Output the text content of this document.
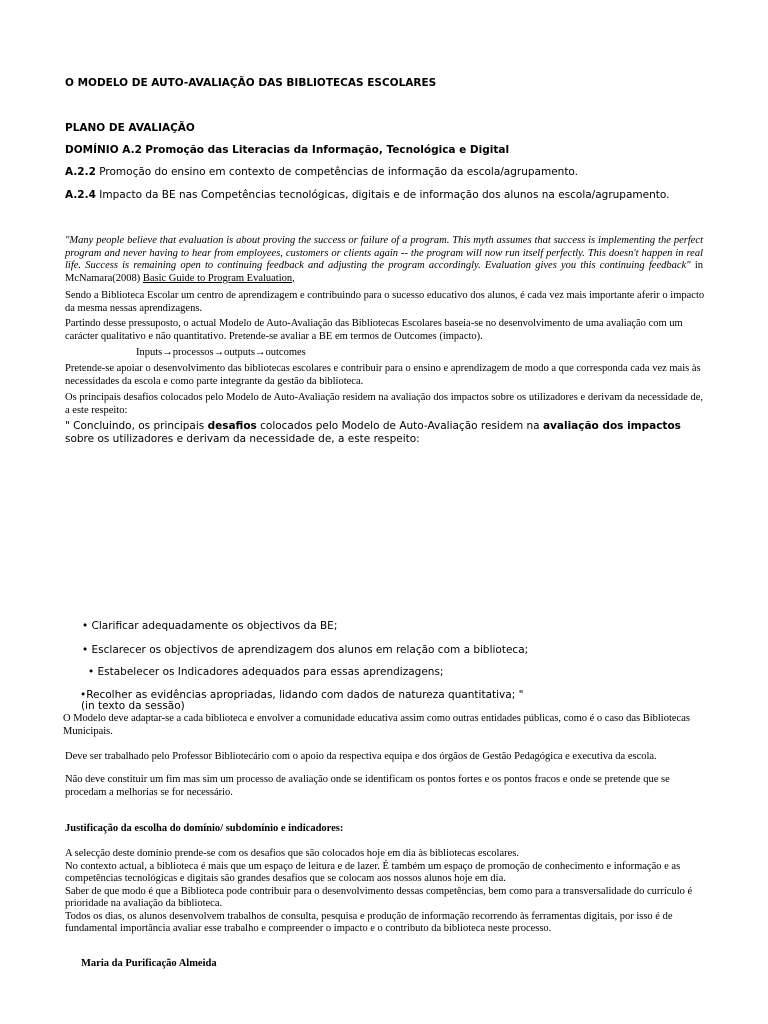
O MODELO DE AUTO-AVALIAÇÃO DAS BIBLIOTECAS ESCOLARES
PLANO DE AVALIAÇÃO
DOMÍNIO A.2 Promoção das Literacias da Informação, Tecnológica e Digital
A.2.2 Promoção do ensino em contexto de competências de informação da escola/agrupamento.
A.2.4 Impacto da BE nas Competências tecnológicas, digitais e de informação dos alunos na escola/agrupamento.
"Many people believe that evaluation is about proving the success or failure of a program. This myth assumes that success is implementing the perfect program and never having to hear from employees, customers or clients again -- the program will now run itself perfectly. This doesn't happen in real life. Success is remaining open to continuing feedback and adjusting the program accordingly. Evaluation gives you this continuing feedback" in McNamara(2008) Basic Guide to Program Evaluation,

Sendo a Biblioteca Escolar um centro de aprendizagem e contribuindo para o sucesso educativo dos alunos, é cada vez mais importante aferir o impacto da mesma nessas aprendizagens.

Partindo desse pressuposto, o actual Modelo de Auto-Avaliação das Bibliotecas Escolares baseia-se no desenvolvimento de uma avaliação com um carácter qualitativo e não quantitativo. Pretende-se avaliar a BE em termos de Outcomes (impacto).

Inputs→processos→outputs→outcomes

Pretende-se apoiar o desenvolvimento das bibliotecas escolares e contribuir para o ensino e aprendizagem de modo a que corresponda cada vez mais às necessidades da escola e como parte integrante da gestão da biblioteca.

Os principais desafios colocados pelo Modelo de Auto-Avaliação residem na avaliação dos impactos sobre os utilizadores e derivam da necessidade de, a este respeito:

" Concluindo, os principais desafios colocados pelo Modelo de Auto-Avaliação residem na avaliação dos impactos sobre os utilizadores e derivam da necessidade de, a este respeito:
• Clarificar adequadamente os objectivos da BE;
• Esclarecer os objectivos de aprendizagem dos alunos em relação com a biblioteca;
• Estabelecer os Indicadores adequados para essas aprendizagens;
•Recolher as evidências apropriadas, lidando com dados de natureza quantitativa; "
(in texto da sessão)

O Modelo deve adaptar-se a cada biblioteca e envolver a comunidade educativa assim como outras entidades públicas, como é o caso das Bibliotecas Municipais.

Deve ser trabalhado pelo Professor Bibliotecário com o apoio da respectiva equipa e dos órgãos de Gestão Pedagógica e executiva da escola.

Não deve constituir um fim mas sim um processo de avaliação onde se identificam os pontos fortes e os pontos fracos e onde se pretende que se procedam a melhorias se for necessário.

Justificação da escolha do domínio/ subdomínio e indicadores:

A selecção deste domínio prende-se com os desafios que são colocados hoje em dia às bibliotecas escolares.

No contexto actual, a biblioteca é mais que um espaço de leitura e de lazer. É também um espaço de promoção de conhecimento e informação e as competências tecnológicas e digitais são grandes desafios que se colocam aos nossos alunos hoje em dia.

Saber de que modo é que a Biblioteca pode contribuir para o desenvolvimento dessas competências, bem como para a transversalidade do currículo é prioridade na avaliação da biblioteca.

Todos os dias, os alunos desenvolvem trabalhos de consulta, pesquisa e produção de informação recorrendo às ferramentas digitais, por isso é de fundamental importância avaliar esse trabalho e compreender o impacto e o contributo da biblioteca neste processo.

Maria da Purificação Almeida
